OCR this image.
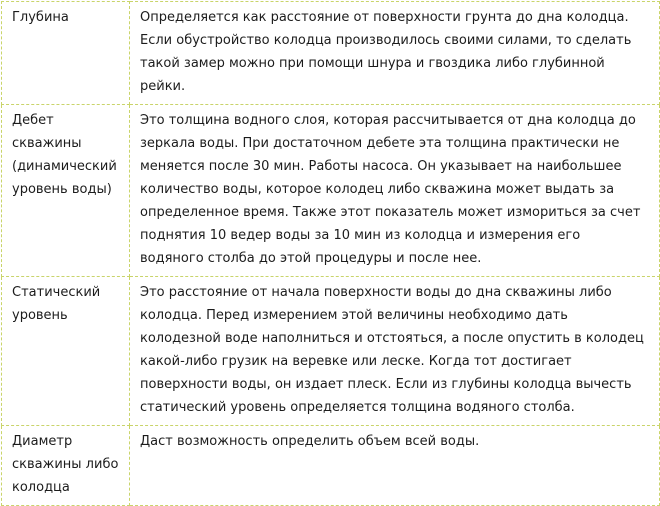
Глубина	Определяется как расстояние от поверхности грунта до дна колодца. Если обустройство колодца производилось своими силами, то сделать такой замер можно при помощи шнура и гвоздика либо глубинной рейки.
Дебет скважины (динамический уровень воды)	Это толщина водного слоя, которая рассчитывается от дна колодца до зеркала воды. При достаточном дебете эта толщина практически не меняется после 30 мин. Работы насоса. Он указывает на наибольшее количество воды, которое колодец либо скважина может выдать за определенное время. Также этот показатель может измориться за счет поднятия 10 ведер воды за 10 мин из колодца и измерения его водяного столба до этой процедуры и после нее.
Статический уровень	Это расстояние от начала поверхности воды до дна скважины либо колодца. Перед измерением этой величины необходимо дать колодезной воде наполниться и отстояться, а после опустить в колодец какой-либо грузик на веревке или леске. Когда тот достигает поверхности воды, он издает плеск. Если из глубины колодца вычесть статический уровень определяется толщина водяного столба.
Диаметр скважины либо колодца	Даст возможность определить объем всей воды.
